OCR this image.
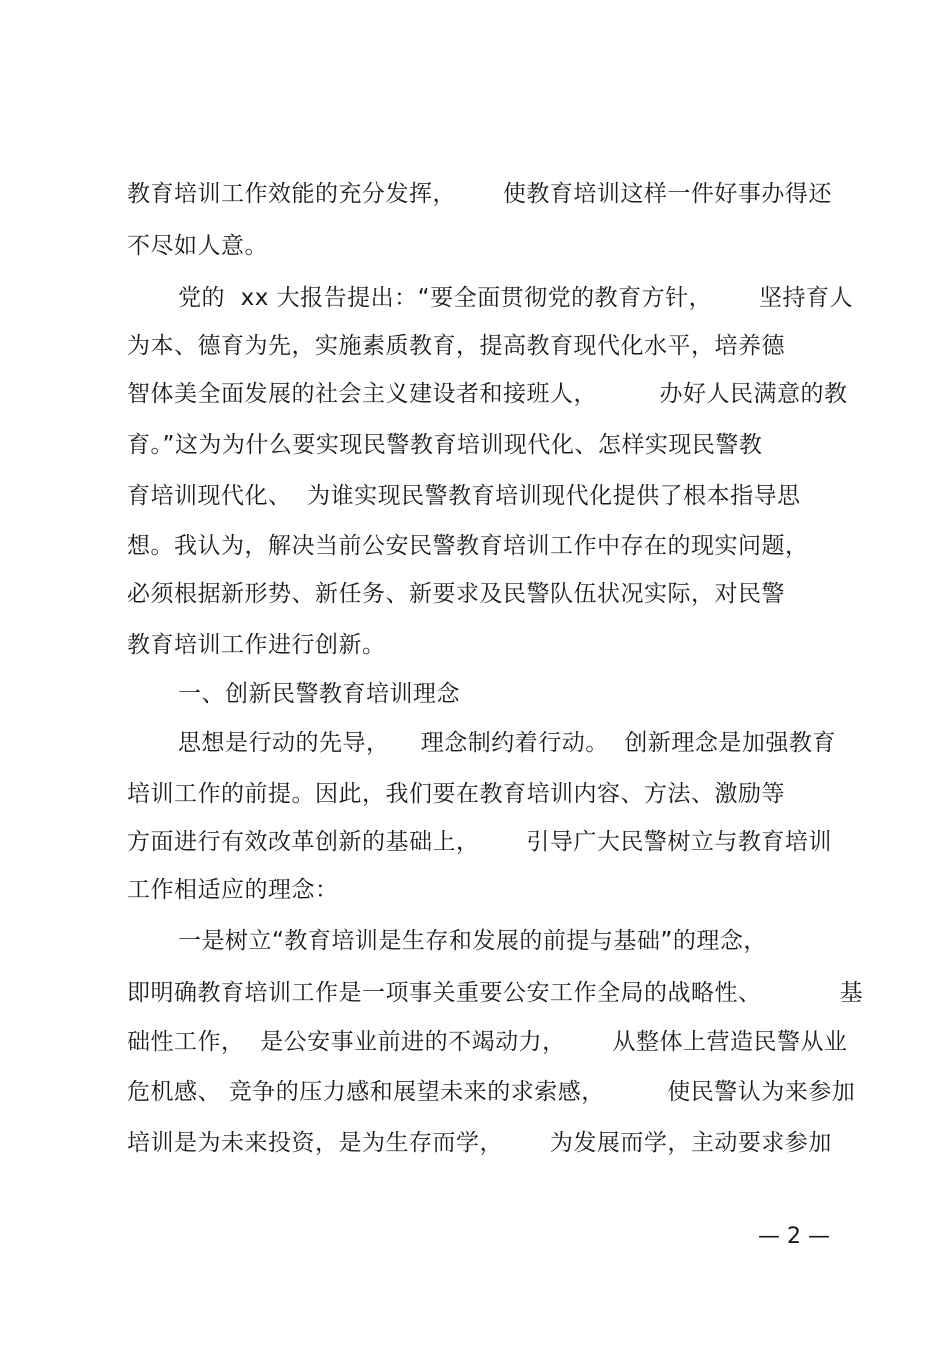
教育培训工作效能的充分发挥，      使教育培训这样一件好事办得还
不尽如人意。
党的  xx 大报告提出：“要全面贯彻党的教育方针，      坚持育人
为本、德育为先，实施素质教育，提高教育现代化水平，培养德
智体美全面发展的社会主义建设者和接班人，        办好人民满意的教
育。”这为为什么要实现民警教育培训现代化、怎样实现民警教
育培训现代化、  为谁实现民警教育培训现代化提供了根本指导思
想。我认为，解决当前公安民警教育培训工作中存在的现实问题，
必须根据新形势、新任务、新要求及民警队伍状况实际，对民警
教育培训工作进行创新。
一、创新民警教育培训理念
思想是行动的先导，    理念制约着行动。  创新理念是加强教育
培训工作的前提。因此，我们要在教育培训内容、方法、激励等
方面进行有效改革创新的基础上，      引导广大民警树立与教育培训
工作相适应的理念：
一是树立“教育培训是生存和发展的前提与基础”的理念，
即明确教育培训工作是一项事关重要公安工作全局的战略性、          基
础性工作，  是公安事业前进的不竭动力，      从整体上营造民警从业
危机感、 竞争的压力感和展望未来的求索感，        使民警认为来参加
培训是为未来投资，是为生存而学，      为发展而学，主动要求参加
— 2 —
